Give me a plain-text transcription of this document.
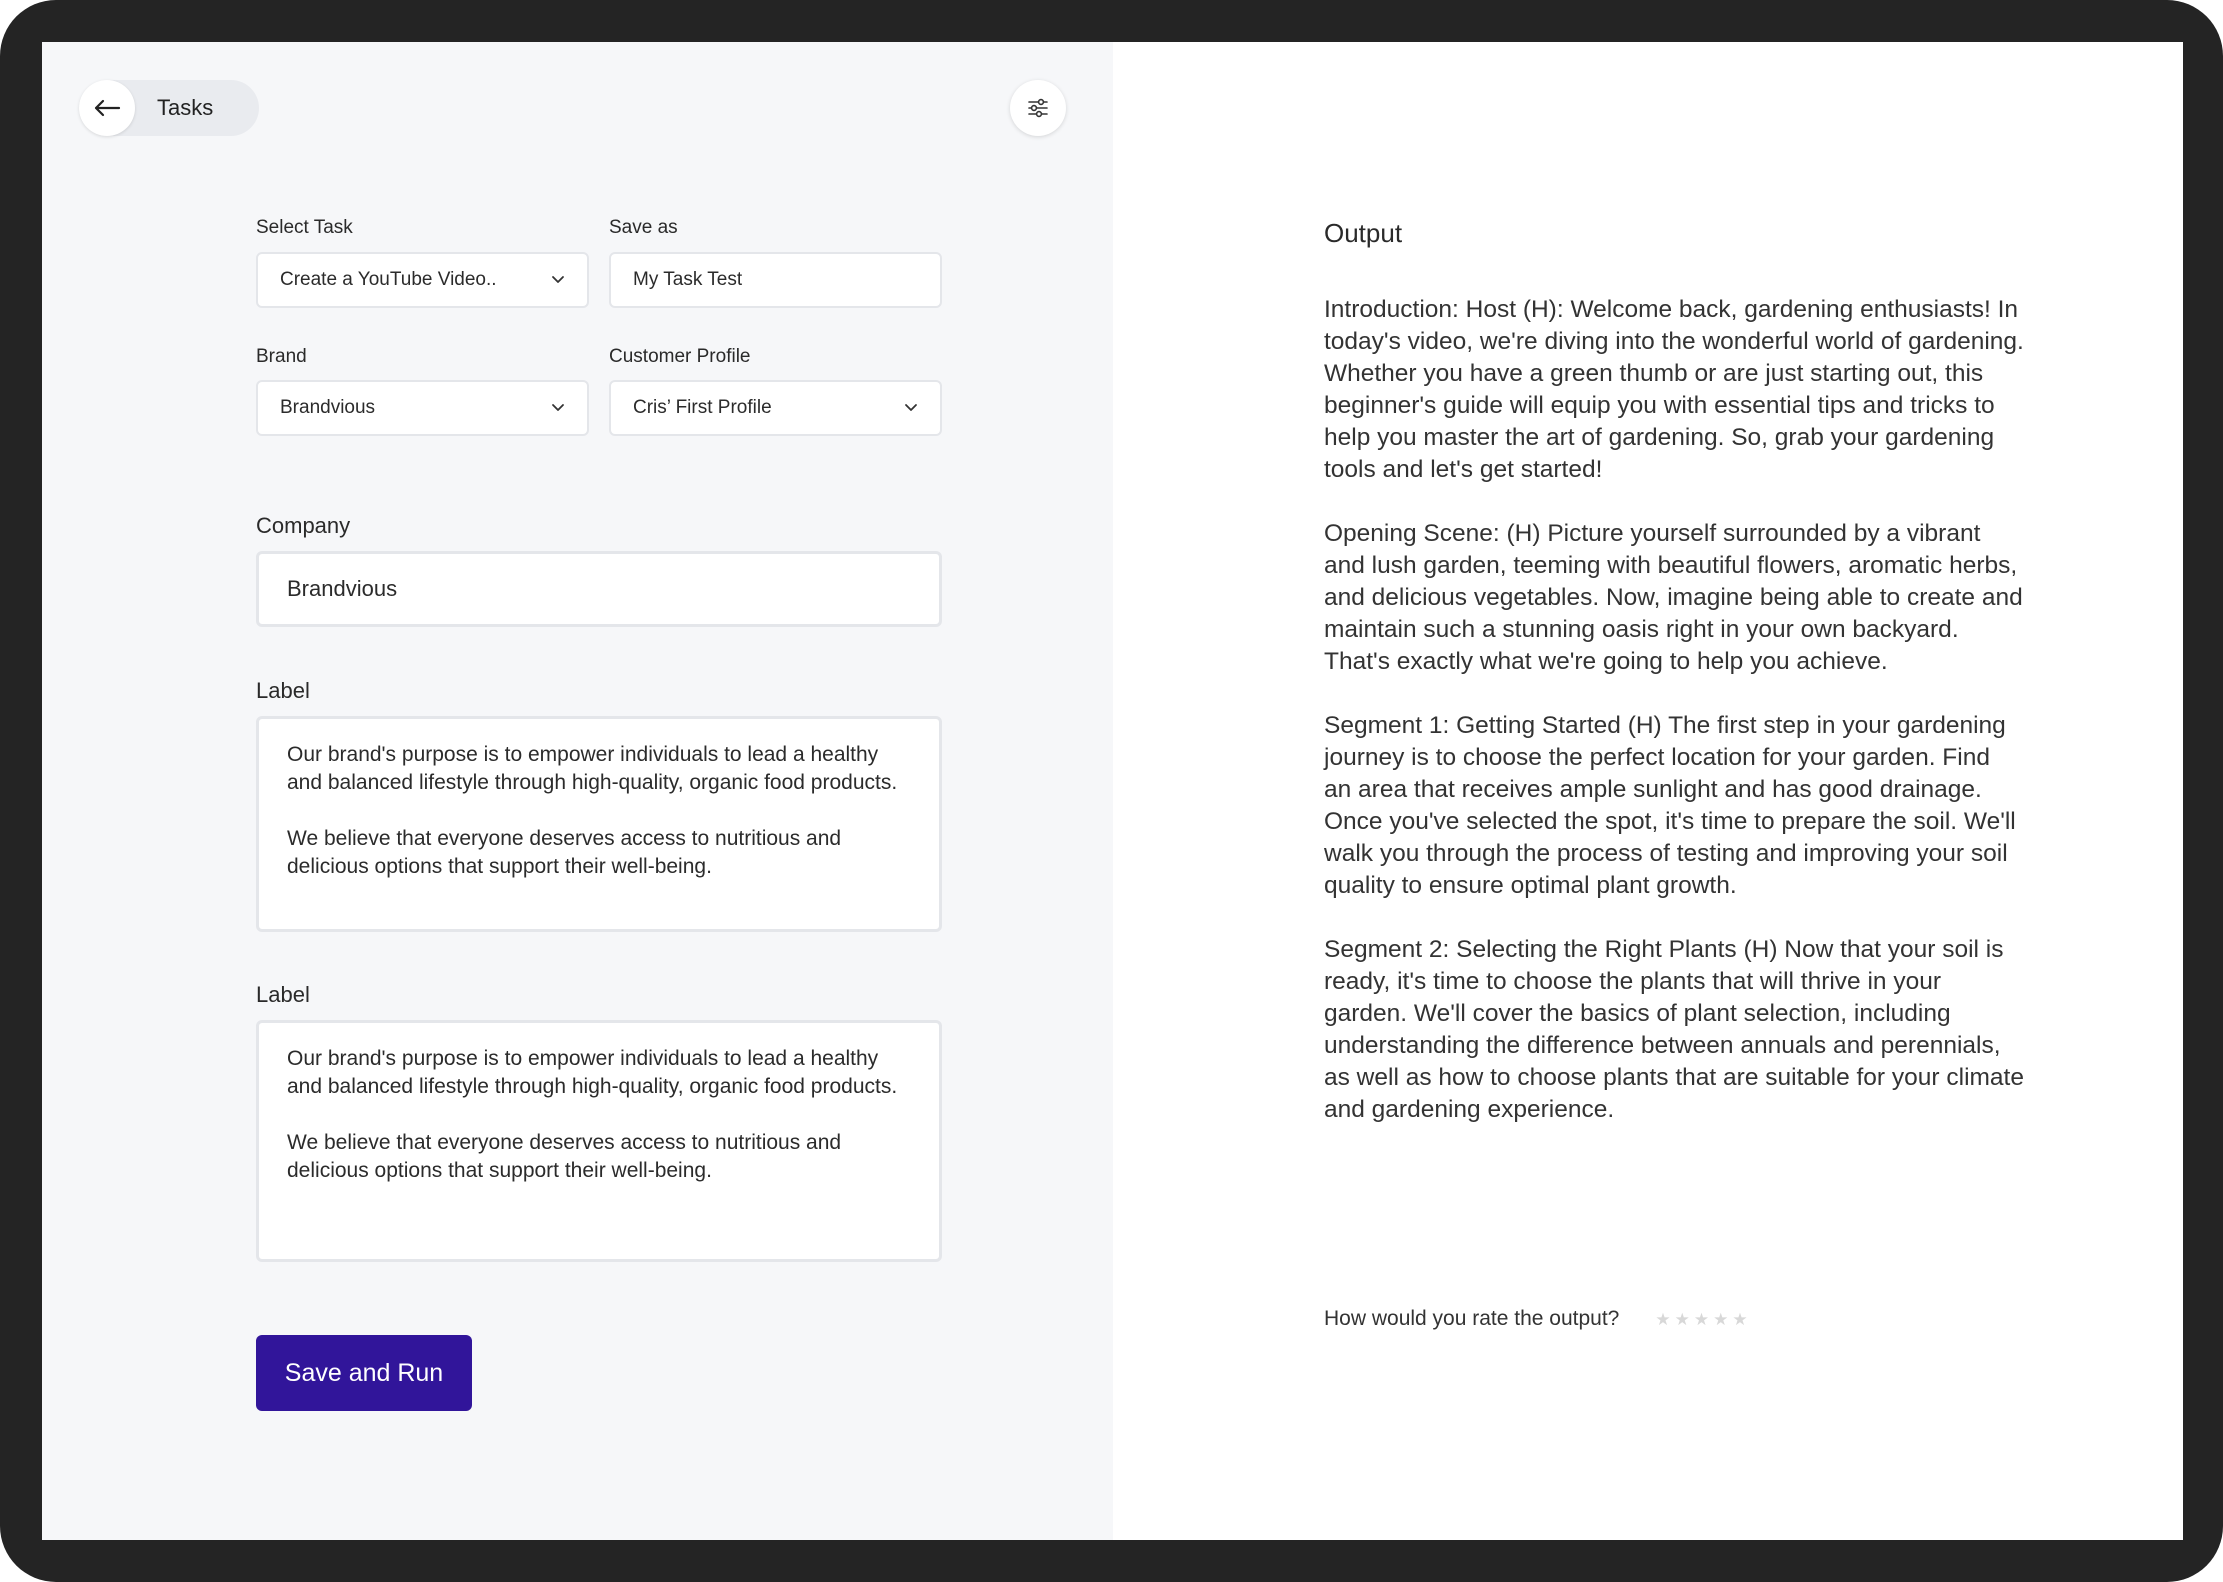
Tasks
Select Task
Create a YouTube Video..
Save as
My Task Test
Brand
Brandvious
Customer Profile
Cris’ First Profile
Company
Brandvious
Label

Our brand's purpose is to empower individuals to lead a healthy and balanced lifestyle through high-quality, organic food products.

We believe that everyone deserves access to nutritious and delicious options that support their well-being.

Label

Our brand's purpose is to empower individuals to lead a healthy and balanced lifestyle through high-quality, organic food products.

We believe that everyone deserves access to nutritious and delicious options that support their well-being.

Save and Run
Output

Introduction: Host (H): Welcome back, gardening enthusiasts! In today's video, we're diving into the wonderful world of gardening. Whether you have a green thumb or are just starting out, this beginner's guide will equip you with essential tips and tricks to help you master the art of gardening. So, grab your gardening tools and let's get started!

Opening Scene: (H) Picture yourself surrounded by a vibrant and lush garden, teeming with beautiful flowers, aromatic herbs, and delicious vegetables. Now, imagine being able to create and maintain such a stunning oasis right in your own backyard. That's exactly what we're going to help you achieve.

Segment 1: Getting Started (H) The first step in your gardening journey is to choose the perfect location for your garden. Find an area that receives ample sunlight and has good drainage. Once you've selected the spot, it's time to prepare the soil. We'll walk you through the process of testing and improving your soil quality to ensure optimal plant growth.

Segment 2: Selecting the Right Plants (H) Now that your soil is ready, it's time to choose the plants that will thrive in your garden. We'll cover the basics of plant selection, including understanding the difference between annuals and perennials, as well as how to choose plants that are suitable for your climate and gardening experience.

How would you rate the output? ★ ★ ★ ★ ★
